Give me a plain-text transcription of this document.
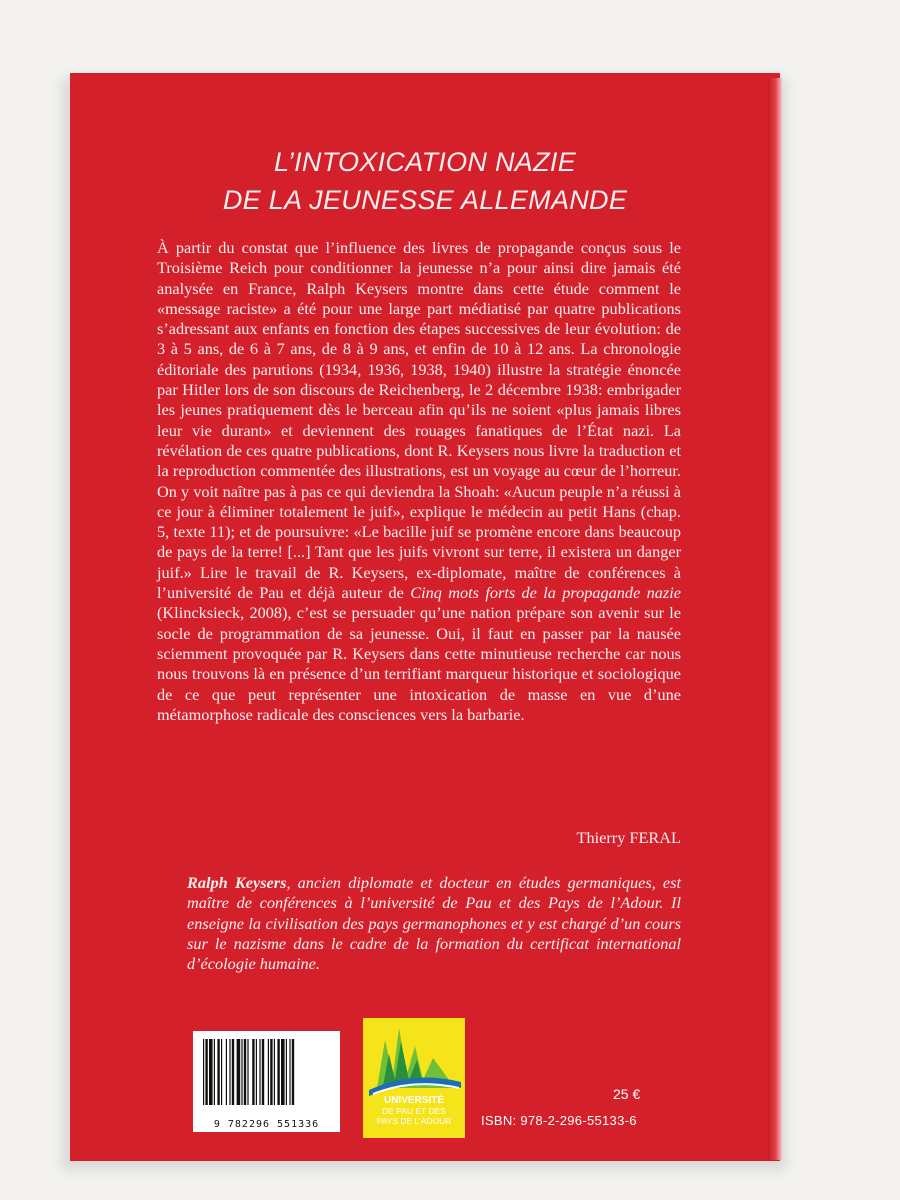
L’INTOXICATION NAZIE
DE LA JEUNESSE ALLEMANDE

À partir du constat que l’influence des livres de propagande conçus sous le Troisième Reich pour conditionner la jeunesse n’a pour ainsi dire jamais été analysée en France, Ralph Keysers montre dans cette étude comment le «message raciste» a été pour une large part médiatisé par quatre publications s’adressant aux enfants en fonction des étapes successives de leur évolution: de 3 à 5 ans, de 6 à 7 ans, de 8 à 9 ans, et enfin de 10 à 12 ans. La chronologie éditoriale des parutions (1934, 1936, 1938, 1940) illustre la stratégie énoncée par Hitler lors de son discours de Reichenberg, le 2 décembre 1938: embrigader les jeunes pratiquement dès le berceau afin qu’ils ne soient «plus jamais libres leur vie durant» et deviennent des rouages fanatiques de l’État nazi. La révélation de ces quatre publications, dont R. Keysers nous livre la traduction et la reproduction commentée des illustrations, est un voyage au cœur de l’horreur. On y voit naître pas à pas ce qui deviendra la Shoah: «Aucun peuple n’a réussi à ce jour à éliminer totalement le juif», explique le médecin au petit Hans (chap. 5, texte 11); et de poursuivre: «Le bacille juif se promène encore dans beaucoup de pays de la terre! [...] Tant que les juifs vivront sur terre, il existera un danger juif.» Lire le travail de R. Keysers, ex-diplomate, maître de conférences à l’université de Pau et déjà auteur de Cinq mots forts de la propagande nazie (Klincksieck, 2008), c’est se persuader qu’une nation prépare son avenir sur le socle de programmation de sa jeunesse. Oui, il faut en passer par la nausée sciemment provoquée par R. Keysers dans cette minutieuse recherche car nous nous trouvons là en présence d’un terrifiant marqueur historique et sociologique de ce que peut représenter une intoxication de masse en vue d’une métamorphose radicale des consciences vers la barbarie.

Thierry FERAL
Ralph Keysers, ancien diplomate et docteur en études germaniques, est maître de conférences à l’université de Pau et des Pays de l’Adour. Il enseigne la civilisation des pays germanophones et y est chargé d’un cours sur le nazisme dans le cadre de la formation du certificat international d’écologie humaine.
9 782296 551336
UNIVERSITÉ
DE PAU ET DES
PAYS DE L’ADOUR
25 €
ISBN: 978-2-296-55133-6
